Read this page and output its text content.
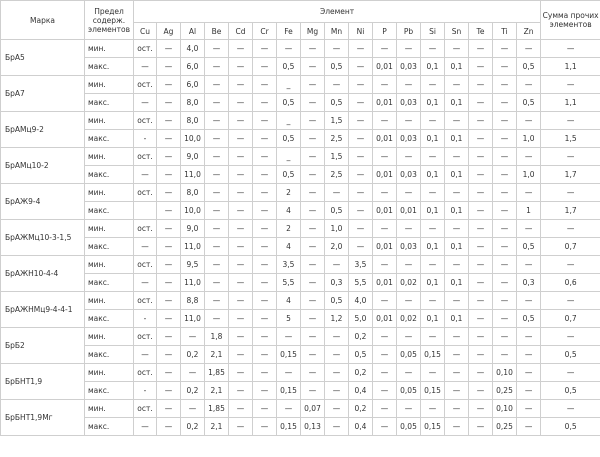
Марка	Предел содерж. элементов	Элемент																	Сумма прочих элементов
		Cu	Ag	Al	Be	Cd	Cr	Fe	Mg	Mn	Ni	P	Pb	Si	Sn	Te	Ti	Zn	
БрА5	мин.	ост.	—	4,0	—	—	—	—	—	—	—	—	—	—	—	—	—	—	—
	макс.	—	—	6,0	—	—	—	0,5	—	0,5	—	0,01	0,03	0,1	0,1	—	—	0,5	1,1
БрА7	мин.	ост.	—	6,0	—	—	—	_	—	—	—	—	—	—	—	—	—	—	—
	макс.	—	—	8,0	—	—	—	0,5	—	0,5	—	0,01	0,03	0,1	0,1	—	—	0,5	1,1
БрАМц9-2	мин.	ост.	—	8,0	—	—	—	_	—	1,5	—	—	—	—	—	—	—	—	—
	макс.	-	—	10,0	—	—	—	0,5	—	2,5	—	0,01	0,03	0,1	0,1	—	—	1,0	1,5
БрАМц10-2	мин.	ост.	—	9,0	—	—	—	_	—	1,5	—	—	—	—	—	—	—	—	—
	макс.	—	—	11,0	—	—	—	0,5	—	2,5	—	0,01	0,03	0,1	0,1	—	—	1,0	1,7
БрАЖ9-4	мин.	ост.	—	8,0	—	—	—	2	—	—	—	—	—	—	—	—	—	—	—
	макс.		—	10,0	—	—	—	4	—	0,5	—	0,01	0,01	0,1	0,1	—	—	1	1,7
БрАЖМц10-3-1,5	мин.	ост.	—	9,0	—	—	—	2	—	1,0	—	—	—	—	—	—	—	—	—
	макс.	—	—	11,0	—	—	—	4	—	2,0	—	0,01	0,03	0,1	0,1	—	—	0,5	0,7
БрАЖН10-4-4	мин.	ост.	—	9,5	—	—	—	3,5	—	—	3,5	—	—	—	—	—	—	—	—
	макс.	—	—	11,0	—	—	—	5,5	—	0,3	5,5	0,01	0,02	0,1	0,1	—	—	0,3	0,6
БрАЖНМц9-4-4-1	мин.	ост.	—	8,8	—	—	—	4	—	0,5	4,0	—	—	—	—	—	—	—	—
	макс.	-	—	11,0	—	—	—	5	—	1,2	5,0	0,01	0,02	0,1	0,1	—	—	0,5	0,7
БрБ2	мин.	ост.	—	—	1,8	—	—	—	—	—	0,2	—	—	—	—	—	—	—	—
	макс.	—	—	0,2	2,1	—	—	0,15	—	—	0,5	—	0,05	0,15	—	—	—	—	0,5
БрБНТ1,9	мин.	ост.	—	—	1,85	—	—	—	—	—	0,2	—	—	—	—	—	0,10	—	—
	макс.	-	—	0,2	2,1	—	—	0,15	—	—	0,4	—	0,05	0,15	—	—	0,25	—	0,5
БрБНТ1,9Мг	мин.	ост.	—	—	1,85	—	—	—	0,07	—	0,2	—	—	—	—	—	0,10	—	—
	макс.	—	—	0,2	2,1	—	—	0,15	0,13	—	0,4	—	0,05	0,15	—	—	0,25	—	0,5
